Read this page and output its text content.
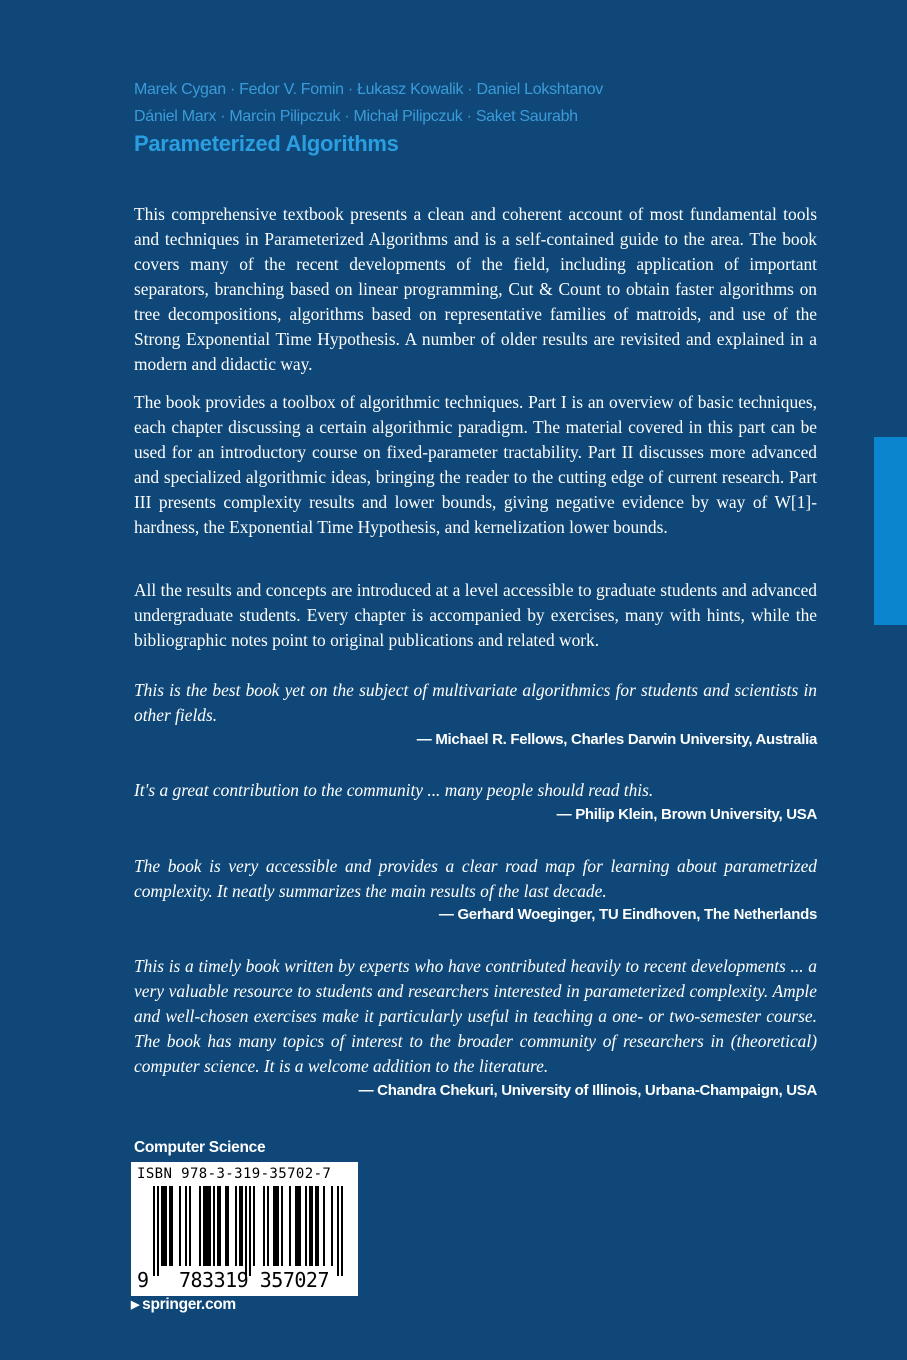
Marek Cygan · Fedor V. Fomin · Łukasz Kowalik · Daniel Lokshtanov
Dániel Marx · Marcin Pilipczuk · Michał Pilipczuk · Saket Saurabh
Parameterized Algorithms

This comprehensive textbook presents a clean and coherent account of most fundamental tools and techniques in Parameterized Algorithms and is a self-contained guide to the area. The book covers many of the recent developments of the field, including application of important separators, branching based on linear programming, Cut & Count to obtain faster algorithms on tree decompositions, algorithms based on representative families of matroids, and use of the Strong Exponential Time Hypothesis. A number of older results are revisited and explained in a modern and didactic way.

The book provides a toolbox of algorithmic techniques. Part I is an overview of basic techniques, each chapter discussing a certain algorithmic paradigm. The material covered in this part can be used for an introductory course on fixed-parameter tractability. Part II discusses more advanced and specialized algorithmic ideas, bringing the reader to the cutting edge of current research. Part III presents complexity results and lower bounds, giving negative evidence by way of W[1]-hardness, the Exponential Time Hypothesis, and kernelization lower bounds.

All the results and concepts are introduced at a level accessible to graduate students and advanced undergraduate students. Every chapter is accompanied by exercises, many with hints, while the bibliographic notes point to original publications and related work.

This is the best book yet on the subject of multivariate algorithmics for students and scientists in other fields.

— Michael R. Fellows, Charles Darwin University, Australia

It's a great contribution to the community ... many people should read this.

— Philip Klein, Brown University, USA

The book is very accessible and provides a clear road map for learning about parametrized complexity. It neatly summarizes the main results of the last decade.

— Gerhard Woeginger, TU Eindhoven, The Netherlands

This is a timely book written by experts who have contributed heavily to recent developments ... a very valuable resource to students and researchers interested in parameterized complexity. Ample and well-chosen exercises make it particularly useful in teaching a one- or two-semester course. The book has many topics of interest to the broader community of researchers in (theoretical) computer science. It is a welcome addition to the literature.

— Chandra Chekuri, University of Illinois, Urbana-Champaign, USA
Computer Science
ISBN 978-3-319-35702-7
9	783319 357027
▶ springer.com
